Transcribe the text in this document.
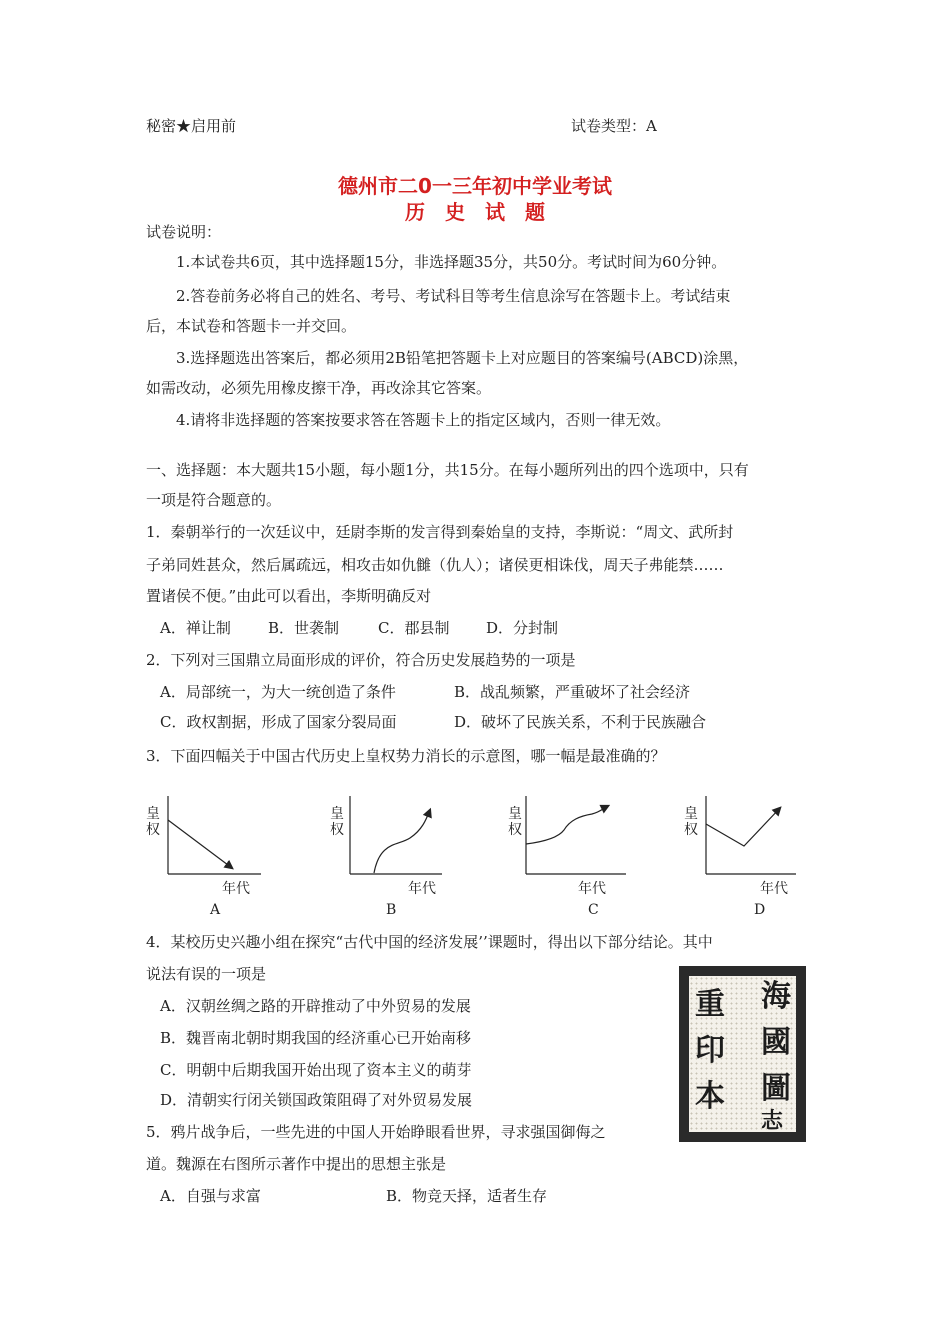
秘密★启用前	试卷类型：A
德州市二0一三年初中学业考试
历　史　试　题
试卷说明：
1.本试卷共6页，其中选择题15分，非选择题35分，共50分。考试时间为60分钟。
2.答卷前务必将自己的姓名、考号、考试科目等考生信息涂写在答题卡上。考试结束
后，本试卷和答题卡一并交回。
3.选择题选出答案后，都必须用2B铅笔把答题卡上对应题目的答案编号(ABCD)涂黑，
如需改动，必须先用橡皮擦干净，再改涂其它答案。
4.请将非选择题的答案按要求答在答题卡上的指定区域内，否则一律无效。
一、选择题：本大题共15小题，每小题1分，共15分。在每小题所列出的四个选项中，只有
一项是符合题意的。
1．秦朝举行的一次廷议中，廷尉李斯的发言得到秦始皇的支持，李斯说：“周文、武所封
子弟同姓甚众，然后属疏远，相攻击如仇雠（仇人）；诸侯更相诛伐，周天子弗能禁……
置诸侯不便。”由此可以看出，李斯明确反对
A．禅让制 B．世袭制	C．郡县制 D．分封制
2．下列对三国鼎立局面形成的评价，符合历史发展趋势的一项是
A．局部统一，为大一统创造了条件	B．战乱频繁，严重破坏了社会经济
C．政权割据，形成了国家分裂局面	D．破坏了民族关系，不利于民族融合
3．下面四幅关于中国古代历史上皇权势力消长的示意图，哪一幅是最准确的？
皇权
年代
A
皇权
年代
B
皇权
年代
C
皇权
年代
D
4．某校历史兴趣小组在探究“古代中国的经济发展’’课题时，得出以下部分结论。其中
说法有误的一项是
A．汉朝丝绸之路的开辟推动了中外贸易的发展
B．魏晋南北朝时期我国的经济重心已开始南移
C．明朝中后期我国开始出现了资本主义的萌芽
D．清朝实行闭关锁国政策阻碍了对外贸易发展
海
國
圖
志
重
印
本
5．鸦片战争后，一些先进的中国人开始睁眼看世界，寻求强国御侮之
道。魏源在右图所示著作中提出的思想主张是
A．自强与求富	B．物竞天择，适者生存
